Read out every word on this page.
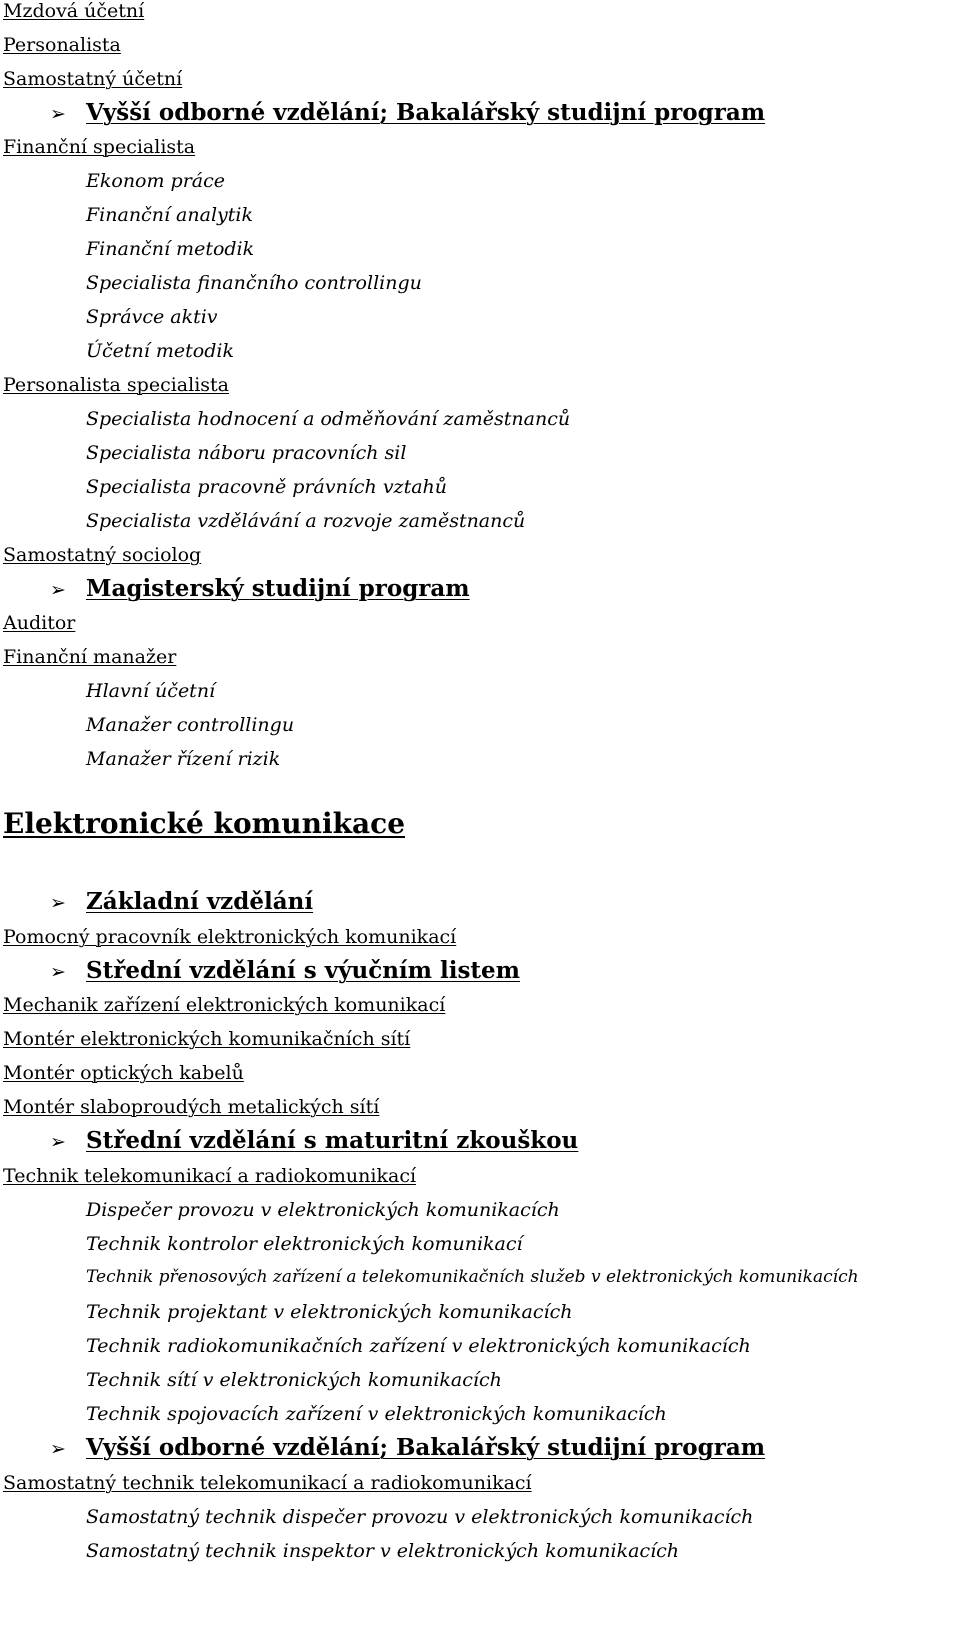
Mzdová účetní
Personalista
Samostatný účetní
➢ Vyšší odborné vzdělání; Bakalářský studijní program
Finanční specialista
Ekonom práce
Finanční analytik
Finanční metodik
Specialista finančního controllingu
Správce aktiv
Účetní metodik
Personalista specialista
Specialista hodnocení a odměňování zaměstnanců
Specialista náboru pracovních sil
Specialista pracovně právních vztahů
Specialista vzdělávání a rozvoje zaměstnanců
Samostatný sociolog
➢ Magisterský studijní program
Auditor
Finanční manažer
Hlavní účetní
Manažer controllingu
Manažer řízení rizik
Elektronické komunikace
➢ Základní vzdělání
Pomocný pracovník elektronických komunikací
➢ Střední vzdělání s výučním listem
Mechanik zařízení elektronických komunikací
Montér elektronických komunikačních sítí
Montér optických kabelů
Montér slaboproudých metalických sítí
➢ Střední vzdělání s maturitní zkouškou
Technik telekomunikací a radiokomunikací
Dispečer provozu v elektronických komunikacích
Technik kontrolor elektronických komunikací
Technik přenosových zařízení a telekomunikačních služeb v elektronických komunikacích
Technik projektant v elektronických komunikacích
Technik radiokomunikačních zařízení v elektronických komunikacích
Technik sítí v elektronických komunikacích
Technik spojovacích zařízení v elektronických komunikacích
➢ Vyšší odborné vzdělání; Bakalářský studijní program
Samostatný technik telekomunikací a radiokomunikací
Samostatný technik dispečer provozu v elektronických komunikacích
Samostatný technik inspektor v elektronických komunikacích
